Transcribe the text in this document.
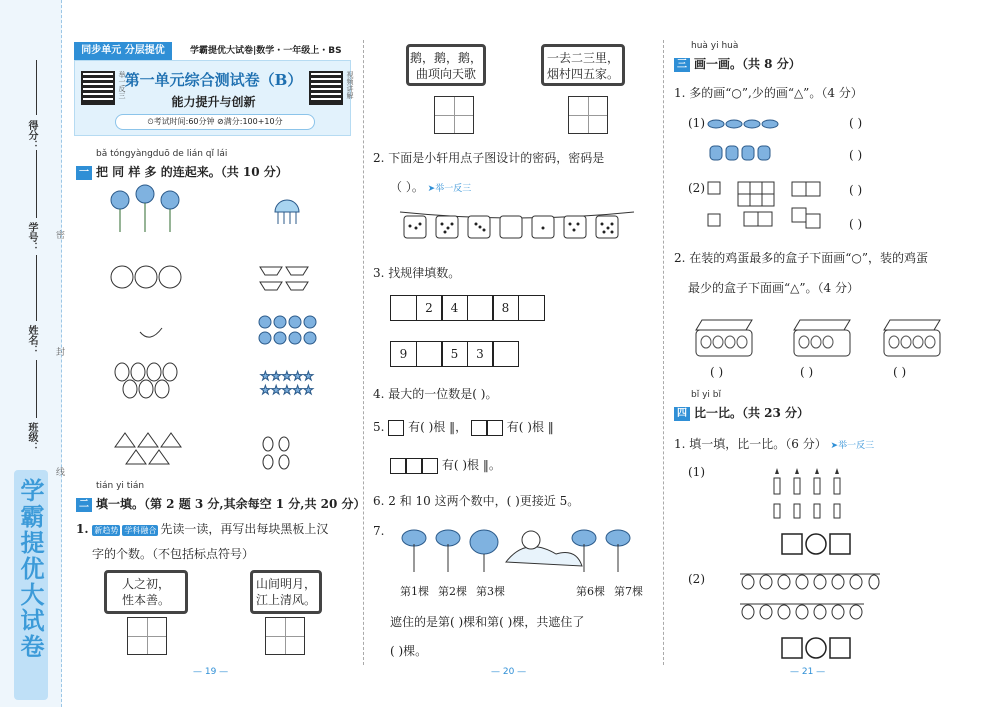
得分：
学号：
姓名：
班级：
密
封
线
学霸提优大试卷
同步单元 分层提优	学霸提优大试卷|数学・一年级上・BS
举一反三	视频讲解
第一单元综合测试卷（B）
能力提升与创新
⏲考试时间:60分钟 ⊘满分:100+10分
bǎ tóngyàngduō de lián qǐ lái
一 把 同 样 多 的连起来。（共 10 分）
★★★★★
★★★★★
tián yi tián
二 填一填。（第 2 题 3 分,其余每空 1 分,共 20 分）
1. 新趋势 学科融合 先读一读，再写出每块黑板上汉
字的个数。（不包括标点符号）
人之初，
性本善。
山间明月，
江上清风。
— 19 —
鹅，鹅，鹅，
曲项向天歌
一去二三里，
烟村四五家。
2. 下面是小轩用点子图设计的密码，密码是
（ ）。 ➤举一反三
3. 找规律填数。
2	4	8
9	5	3
4. 最大的一位数是( )。
5. 有( )根 ‖，	有( )根 ‖
有( )根 ‖。
6. 2 和 10 这两个数中，( )更接近 5。
7.
第1棵 第2棵 第3棵	第6棵 第7棵
遮住的是第( )棵和第( )棵，共遮住了
( )棵。
— 20 —
huà yi huà
三 画一画。（共 8 分）
1. 多的画“○”,少的画“△”。（4 分）
(1)	( )
( )
(2)	( )
( )
2. 在装的鸡蛋最多的盒子下面画“○”，装的鸡蛋
最少的盒子下面画“△”。（4 分）
( )	( )	( )
bǐ yi bǐ
四 比一比。（共 23 分）
1. 填一填，比一比。（6 分） ➤举一反三
(1)
(2)
— 21 —
